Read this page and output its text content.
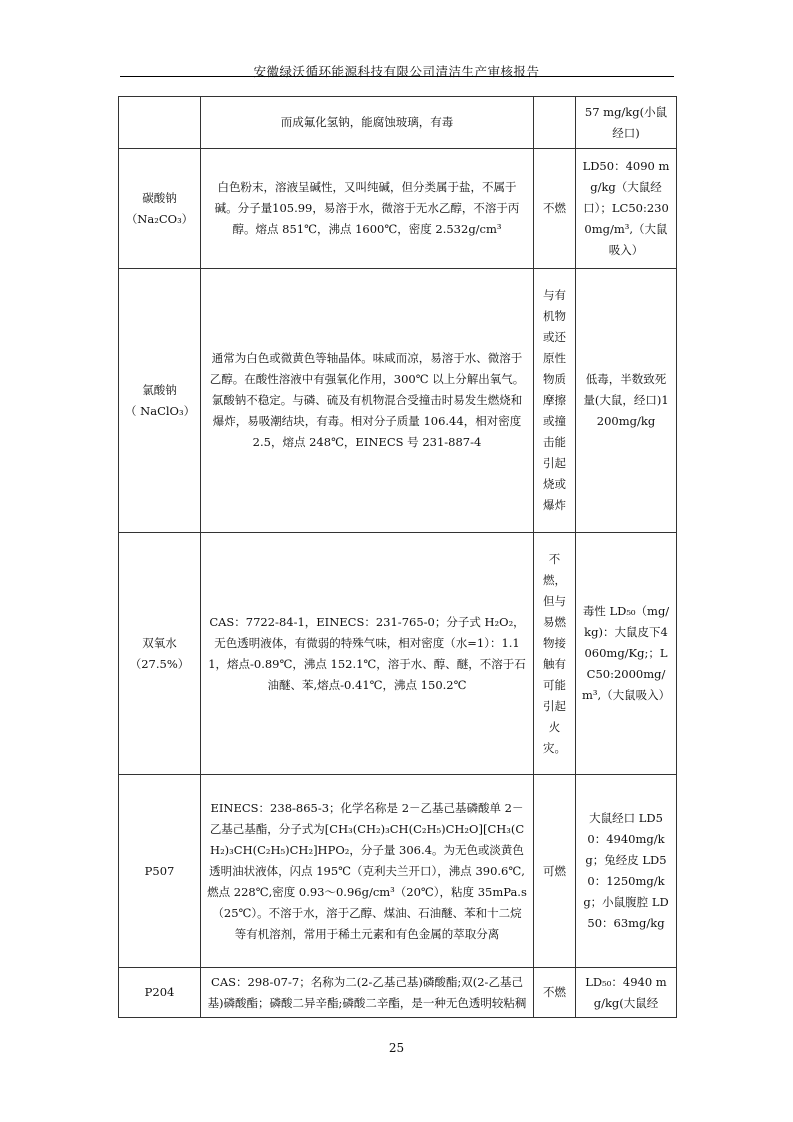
安徽绿沃循环能源科技有限公司清洁生产审核报告
	而成氟化氢钠，能腐蚀玻璃，有毒		57 mg/kg(小鼠经口)

碳酸钠
（Na₂CO₃）	白色粉末，溶液呈碱性，又叫纯碱，但分类属于盐，不属于碱。分子量105.99，易溶于水，微溶于无水乙醇，不溶于丙醇。熔点 851℃，沸点 1600℃，密度 2.532g/cm³	不燃	LD50：4090 mg/kg（大鼠经口）；LC50:2300mg/m³,（大鼠吸入）

氯酸钠
（ NaClO₃）	通常为白色或微黄色等轴晶体。味咸而凉，易溶于水、微溶于乙醇。在酸性溶液中有强氧化作用，300℃ 以上分解出氧气。氯酸钠不稳定。与磷、硫及有机物混合受撞击时易发生燃烧和爆炸，易吸潮结块，有毒。相对分子质量 106.44，相对密度 2.5，熔点 248℃，EINECS 号 231-887-4	与有机物或还原性物质摩擦或撞击能引起烧或爆炸	低毒，半数致死量(大鼠，经口)1200mg/kg

双氧水
（27.5%）	CAS：7722-84-1，EINECS：231-765-0；分子式 H₂O₂，无色透明液体，有微弱的特殊气味，相对密度（水=1）：1.11，熔点-0.89℃，沸点 152.1℃，溶于水、醇、醚，不溶于石油醚、苯,熔点-0.41℃，沸点 150.2℃	不燃，但与易燃物接触有可能引起火灾。	毒性 LD₅₀（mg/kg)：大鼠皮下4060mg/Kg;；LC50:2000mg/m³,（大鼠吸入）

P507	EINECS：238-865-3；化学名称是 2－乙基己基磷酸单 2－乙基己基酯，分子式为[CH₃(CH₂)₃CH(C₂H₅)CH₂O][CH₃(CH₂)₃CH(C₂H₅)CH₂]HPO₂，分子量 306.4。为无色或淡黄色透明油状液体，闪点 195℃（克利夫兰开口），沸点 390.6℃,燃点 228℃,密度 0.93～0.96g/cm³（20℃），粘度 35mPa.s（25℃）。不溶于水，溶于乙醇、煤油、石油醚、苯和十二烷等有机溶剂，常用于稀土元素和有色金属的萃取分离	可燃	大鼠经口 LD50：4940mg/kg；兔经皮 LD50：1250mg/kg；小鼠腹腔 LD50：63mg/kg

P204	CAS：298-07-7；名称为二(2-乙基己基)磷酸酯;双(2-乙基己基)磷酸酯；磷酸二异辛酯;磷酸二辛酯，是一种无色透明较粘稠	不燃	LD₅₀：4940 mg/kg(大鼠经
25
